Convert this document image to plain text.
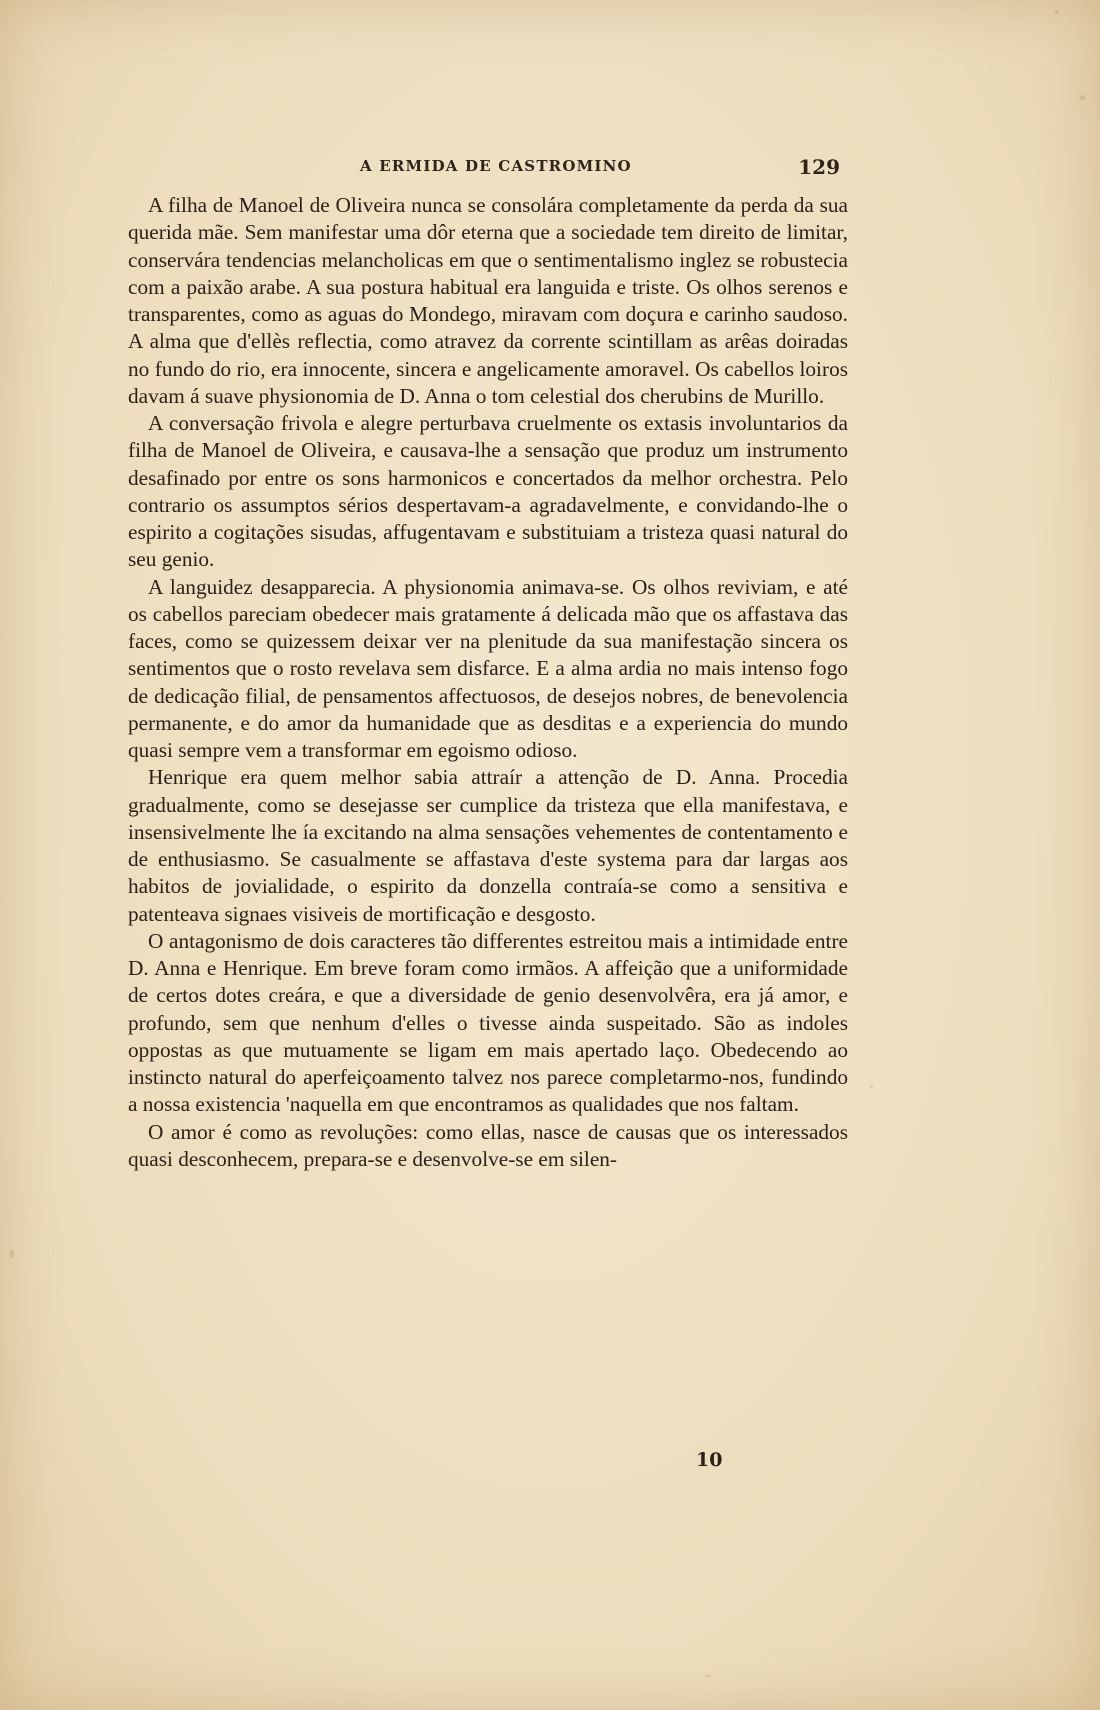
A ERMIDA DE CASTROMINO	129

A filha de Manoel de Oliveira nunca se consolára completamente da perda da sua querida mãe. Sem manifestar uma dôr eterna que a sociedade tem direito de limitar, conservára tendencias melancholicas em que o sentimentalismo inglez se robustecia com a paixão arabe. A sua postura habitual era languida e triste. Os olhos serenos e transparentes, como as aguas do Mondego, miravam com doçura e carinho saudoso. A alma que d'ellès reflectia, como atravez da corrente scintillam as arêas doiradas no fundo do rio, era innocente, sincera e angelicamente amoravel. Os cabellos loiros davam á suave physionomia de D. Anna o tom celestial dos cherubins de Murillo.

A conversação frivola e alegre perturbava cruelmente os extasis involuntarios da filha de Manoel de Oliveira, e causava-lhe a sensação que produz um instrumento desafinado por entre os sons harmonicos e concertados da melhor orchestra. Pelo contrario os assumptos sérios despertavam-a agradavelmente, e convidando-lhe o espirito a cogitações sisudas, affugentavam e substituiam a tristeza quasi natural do seu genio.

A languidez desapparecia. A physionomia animava-se. Os olhos reviviam, e até os cabellos pareciam obedecer mais gratamente á delicada mão que os affastava das faces, como se quizessem deixar ver na plenitude da sua manifestação sincera os sentimentos que o rosto revelava sem disfarce. E a alma ardia no mais intenso fogo de dedicação filial, de pensamentos affectuosos, de desejos nobres, de benevolencia permanente, e do amor da humanidade que as desditas e a experiencia do mundo quasi sempre vem a transformar em egoismo odioso.

Henrique era quem melhor sabia attraír a attenção de D. Anna. Procedia gradualmente, como se desejasse ser cumplice da tristeza que ella manifestava, e insensivelmente lhe ía excitando na alma sensações vehementes de contentamento e de enthusiasmo. Se casualmente se affastava d'este systema para dar largas aos habitos de jovialidade, o espirito da donzella contraía-se como a sensitiva e patenteava signaes visiveis de mortificação e desgosto.

O antagonismo de dois caracteres tão differentes estreitou mais a intimidade entre D. Anna e Henrique. Em breve foram como irmãos. A affeição que a uniformidade de certos dotes creára, e que a diversidade de genio desenvolvêra, era já amor, e profundo, sem que nenhum d'elles o tivesse ainda suspeitado. São as indoles oppostas as que mutuamente se ligam em mais apertado laço. Obedecendo ao instincto natural do aperfeiçoamento talvez nos parece completarmo-nos, fundindo a nossa existencia 'naquella em que encontramos as qualidades que nos faltam.

O amor é como as revoluções: como ellas, nasce de causas que os interessados quasi desconhecem, prepara-se e desenvolve-se em silen-

10
